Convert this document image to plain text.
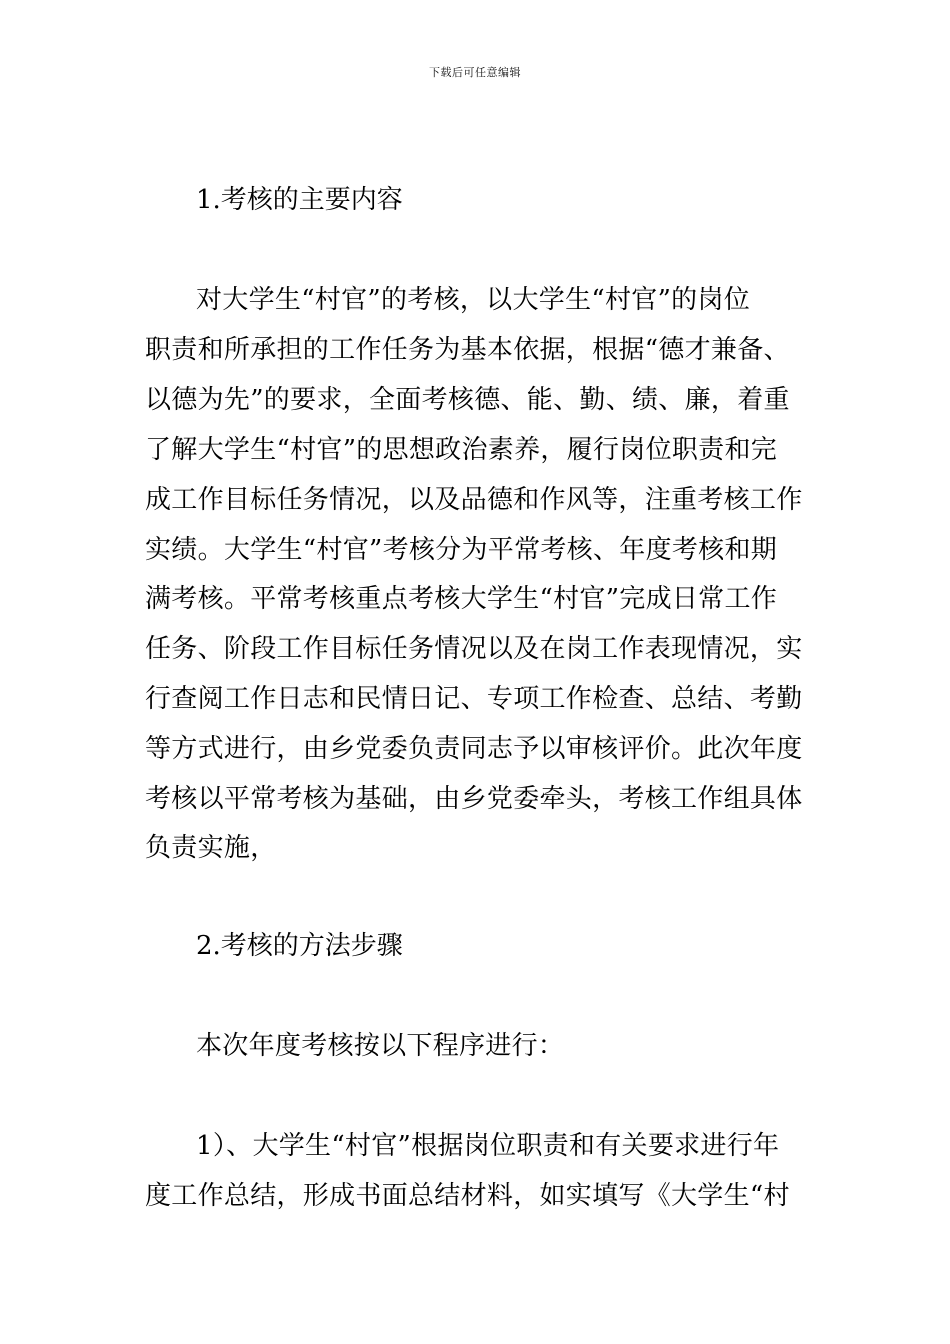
下载后可任意编辑
1.考核的主要内容
对大学生“村官”的考核，以大学生“村官”的岗位
职责和所承担的工作任务为基本依据，根据“德才兼备、
以德为先”的要求，全面考核德、能、勤、绩、廉，着重
了解大学生“村官”的思想政治素养，履行岗位职责和完
成工作目标任务情况，以及品德和作风等，注重考核工作
实绩。大学生“村官”考核分为平常考核、年度考核和期
满考核。平常考核重点考核大学生“村官”完成日常工作
任务、阶段工作目标任务情况以及在岗工作表现情况，实
行查阅工作日志和民情日记、专项工作检查、总结、考勤
等方式进行，由乡党委负责同志予以审核评价。此次年度
考核以平常考核为基础，由乡党委牵头，考核工作组具体
负责实施，
2.考核的方法步骤
本次年度考核按以下程序进行：
1）、大学生“村官”根据岗位职责和有关要求进行年
度工作总结，形成书面总结材料，如实填写《大学生“村
